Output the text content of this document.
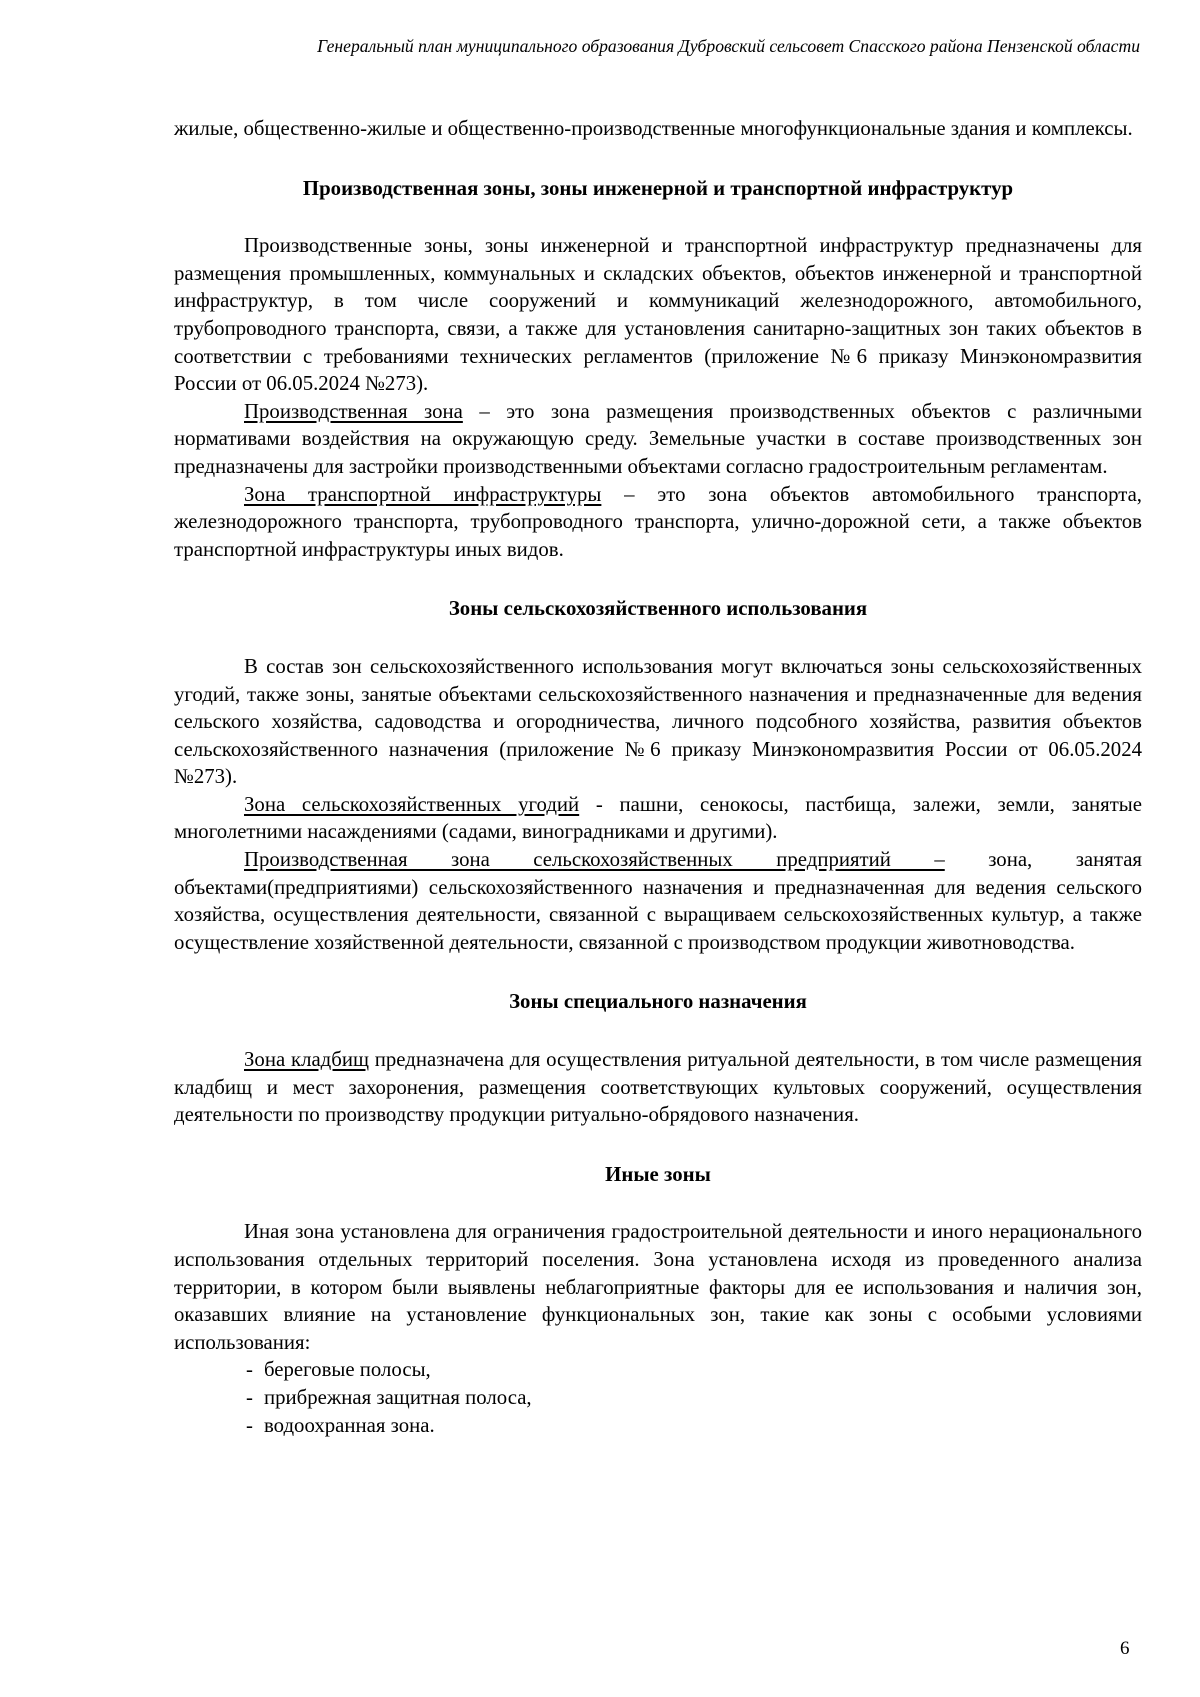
Генеральный план муниципального образования Дубровский сельсовет Спасского района Пензенской области

жилые, общественно-жилые и общественно-производственные многофункциональные здания и комплексы.

Производственная зоны, зоны инженерной и транспортной инфраструктур

Производственные зоны, зоны инженерной и транспортной инфраструктур предназначены для размещения промышленных, коммунальных и складских объектов, объектов инженерной и транспортной инфраструктур, в том числе сооружений и коммуникаций железнодорожного, автомобильного, трубопроводного транспорта, связи, а также для установления санитарно-защитных зон таких объектов в соответствии с требованиями технических регламентов (приложение №6 приказу Минэкономразвития России от 06.05.2024 №273).

Производственная зона – это зона размещения производственных объектов с различными нормативами воздействия на окружающую среду. Земельные участки в составе производственных зон предназначены для застройки производственными объектами согласно градостроительным регламентам.

Зона транспортной инфраструктуры – это зона объектов автомобильного транспорта, железнодорожного транспорта, трубопроводного транспорта, улично-дорожной сети, а также объектов транспортной инфраструктуры иных видов.

Зоны сельскохозяйственного использования

В состав зон сельскохозяйственного использования могут включаться зоны сельскохозяйственных угодий, также зоны, занятые объектами сельскохозяйственного назначения и предназначенные для ведения сельского хозяйства, садоводства и огородничества, личного подсобного хозяйства, развития объектов сельскохозяйственного назначения (приложение №6 приказу Минэкономразвития России от 06.05.2024 №273).

Зона сельскохозяйственных угодий - пашни, сенокосы, пастбища, залежи, земли, занятые многолетними насаждениями (садами, виноградниками и другими).

Производственная зона сельскохозяйственных предприятий – зона, занятая объектами(предприятиями) сельскохозяйственного назначения и предназначенная для ведения сельского хозяйства, осуществления деятельности, связанной с выращиваем сельскохозяйственных культур, а также осуществление хозяйственной деятельности, связанной с производством продукции животноводства.

Зоны специального назначения

Зона кладбищ предназначена для осуществления ритуальной деятельности, в том числе размещения кладбищ и мест захоронения, размещения соответствующих культовых сооружений, осуществления деятельности по производству продукции ритуально-обрядового назначения.

Иные зоны

Иная зона установлена для ограничения градостроительной деятельности и иного нерационального использования отдельных территорий поселения. Зона установлена исходя из проведенного анализа территории, в котором были выявлены неблагоприятные факторы для ее использования и наличия зон, оказавших влияние на установление функциональных зон, такие как зоны с особыми условиями использования:

- береговые полосы,
- прибрежная защитная полоса,
- водоохранная зона.
6
